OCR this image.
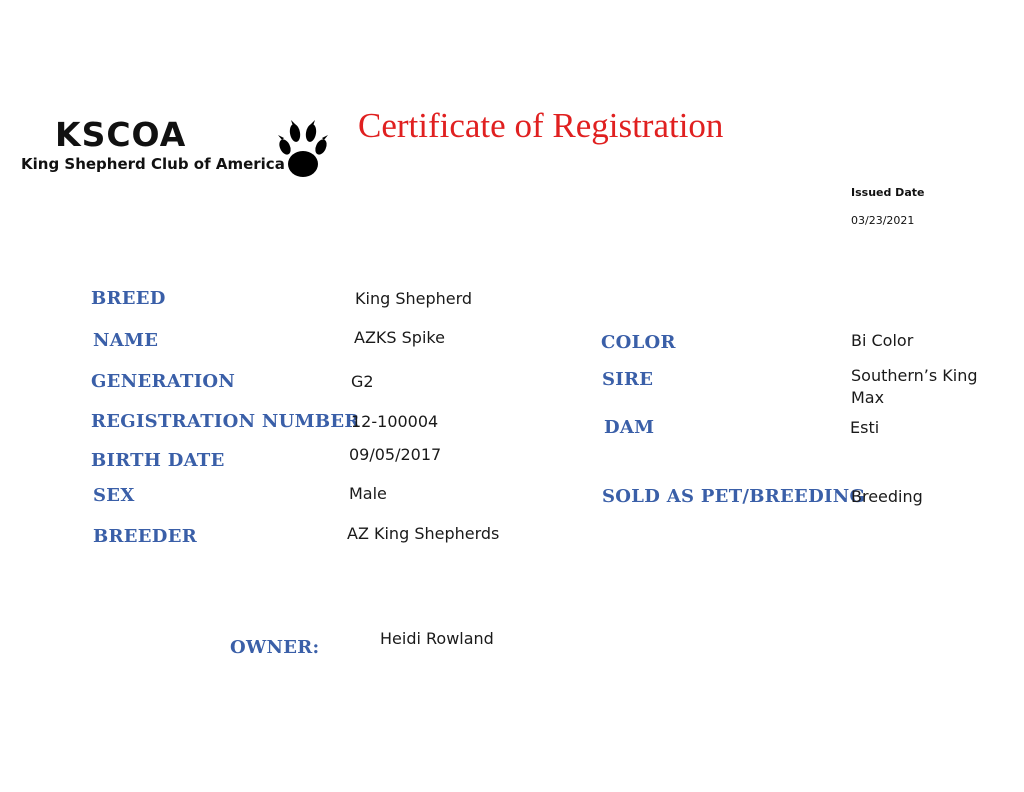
KSCOA
King Shepherd Club of America
Certificate of Registration
Issued Date
03/23/2021
BREED
NAME
GENERATION
REGISTRATION NUMBER
BIRTH DATE
SEX
BREEDER
King Shepherd
AZKS Spike
G2
12-100004
09/05/2017
Male
AZ King Shepherds
COLOR
SIRE
DAM
SOLD AS PET/BREEDING
Bi Color
Southern’s King Max
Esti
Breeding
OWNER:	Heidi Rowland
